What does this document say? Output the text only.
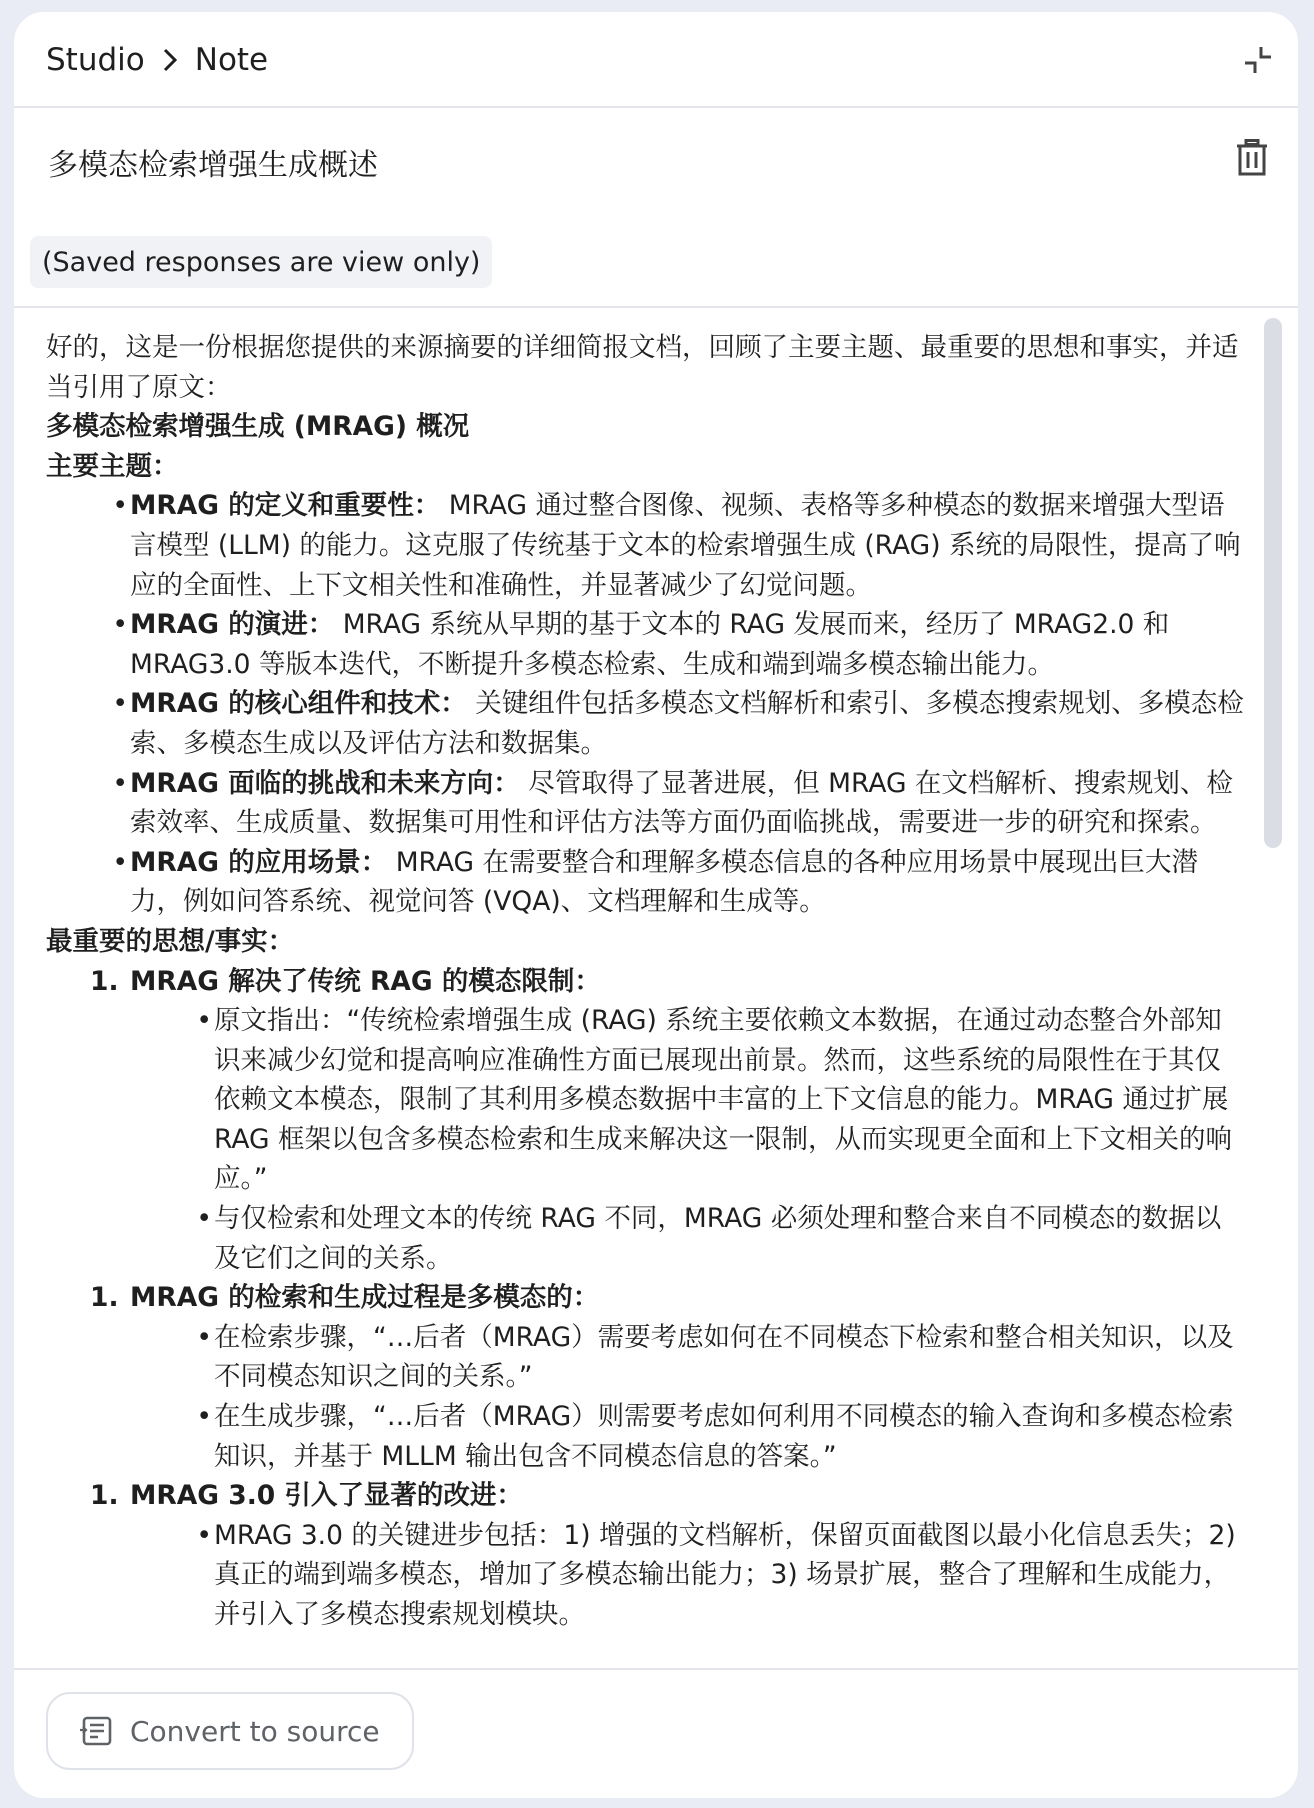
Studio Note
多模态检索增强生成概述
(Saved responses are view only)

好的，这是一份根据您提供的来源摘要的详细简报文档，回顾了主要主题、最重要的思想和事实，并适当引用了原文：

多模态检索增强生成 (MRAG) 概况

主要主题：

• MRAG 的定义和重要性： MRAG 通过整合图像、视频、表格等多种模态的数据来增强大型语言模型 (LLM) 的能力。这克服了传统基于文本的检索增强生成 (RAG) 系统的局限性，提高了响应的全面性、上下文相关性和准确性，并显著减少了幻觉问题。
• MRAG 的演进： MRAG 系统从早期的基于文本的 RAG 发展而来，经历了 MRAG2.0 和 MRAG3.0 等版本迭代，不断提升多模态检索、生成和端到端多模态输出能力。
• MRAG 的核心组件和技术： 关键组件包括多模态文档解析和索引、多模态搜索规划、多模态检索、多模态生成以及评估方法和数据集。
• MRAG 面临的挑战和未来方向： 尽管取得了显著进展，但 MRAG 在文档解析、搜索规划、检索效率、生成质量、数据集可用性和评估方法等方面仍面临挑战，需要进一步的研究和探索。
• MRAG 的应用场景： MRAG 在需要整合和理解多模态信息的各种应用场景中展现出巨大潜力，例如问答系统、视觉问答 (VQA)、文档理解和生成等。

最重要的思想/事实：

1. MRAG 解决了传统 RAG 的模态限制：
• 原文指出：“传统检索增强生成 (RAG) 系统主要依赖文本数据，在通过动态整合外部知识来减少幻觉和提高响应准确性方面已展现出前景。然而，这些系统的局限性在于其仅依赖文本模态，限制了其利用多模态数据中丰富的上下文信息的能力。MRAG 通过扩展 RAG 框架以包含多模态检索和生成来解决这一限制，从而实现更全面和上下文相关的响应。”
• 与仅检索和处理文本的传统 RAG 不同，MRAG 必须处理和整合来自不同模态的数据以及它们之间的关系。
1. MRAG 的检索和生成过程是多模态的：
• 在检索步骤，“…后者（MRAG）需要考虑如何在不同模态下检索和整合相关知识，以及不同模态知识之间的关系。”
• 在生成步骤，“…后者（MRAG）则需要考虑如何利用不同模态的输入查询和多模态检索知识，并基于 MLLM 输出包含不同模态信息的答案。”
1. MRAG 3.0 引入了显著的改进：
• MRAG 3.0 的关键进步包括：1) 增强的文档解析，保留页面截图以最小化信息丢失；2) 真正的端到端多模态，增加了多模态输出能力；3) 场景扩展，整合了理解和生成能力，并引入了多模态搜索规划模块。
Convert to source
